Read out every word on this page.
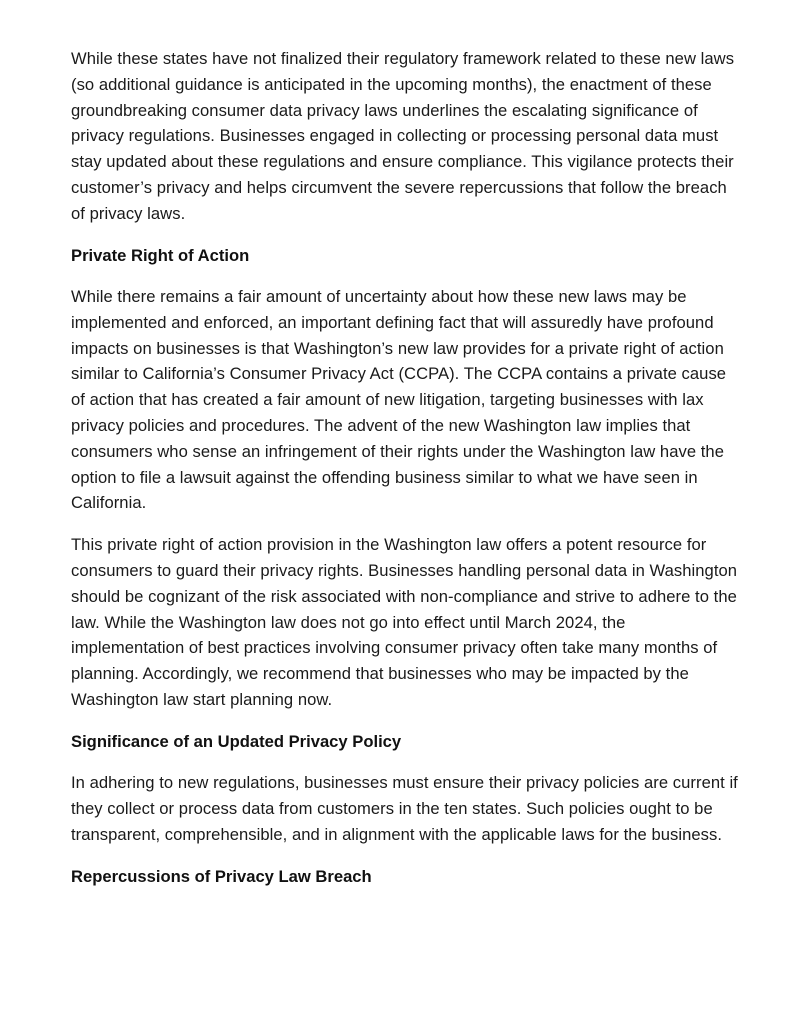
While these states have not finalized their regulatory framework related to these new laws (so additional guidance is anticipated in the upcoming months), the enactment of these groundbreaking consumer data privacy laws underlines the escalating significance of privacy regulations. Businesses engaged in collecting or processing personal data must stay updated about these regulations and ensure compliance. This vigilance protects their customer’s privacy and helps circumvent the severe repercussions that follow the breach of privacy laws.

Private Right of Action

While there remains a fair amount of uncertainty about how these new laws may be implemented and enforced, an important defining fact that will assuredly have profound impacts on businesses is that Washington’s new law provides for a private right of action similar to California’s Consumer Privacy Act (CCPA). The CCPA contains a private cause of action that has created a fair amount of new litigation, targeting businesses with lax privacy policies and procedures. The advent of the new Washington law implies that consumers who sense an infringement of their rights under the Washington law have the option to file a lawsuit against the offending business similar to what we have seen in California.

This private right of action provision in the Washington law offers a potent resource for consumers to guard their privacy rights. Businesses handling personal data in Washington should be cognizant of the risk associated with non-compliance and strive to adhere to the law. While the Washington law does not go into effect until March 2024, the implementation of best practices involving consumer privacy often take many months of planning. Accordingly, we recommend that businesses who may be impacted by the Washington law start planning now.

Significance of an Updated Privacy Policy

In adhering to new regulations, businesses must ensure their privacy policies are current if they collect or process data from customers in the ten states. Such policies ought to be transparent, comprehensible, and in alignment with the applicable laws for the business.

Repercussions of Privacy Law Breach
